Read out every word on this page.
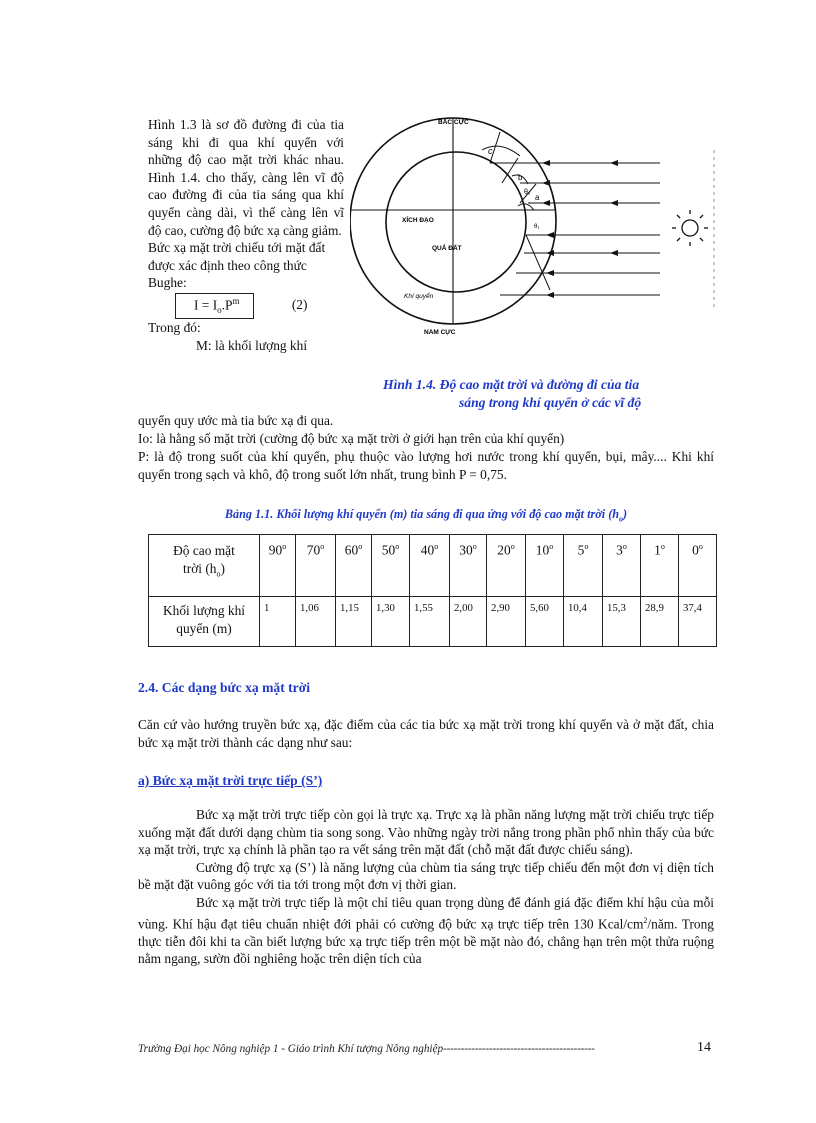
Hình 1.3 là sơ đồ đường đi của tia sáng khi đi qua khí quyển với những độ cao mặt trời khác nhau. Hình 1.4. cho thấy, càng lên vĩ độ cao đường đi của tia sáng qua khí quyển càng dài, vì thế càng lên vĩ độ cao, cường độ bức xạ càng giảm.
Bức xạ mặt trời chiếu tới mặt đất được xác định theo công thức Bughe:
$I = I_o.P^m$	(2)
Trong đó:
M: là khối lượng khí
BẮC CỰC
NAM CỰC
XÍCH ĐẠO
QUẢ ĐẤT
Khí quyển
c
b
a
θ₂
θ₁
Hình 1.4. Độ cao mặt trời và đường đi của tia
sáng trong khí quyển ở các vĩ độ
quyển quy ước mà tia bức xạ đi qua.
Io: là hằng số mặt trời (cường độ bức xạ mặt trời ở giới hạn trên của khí quyển)
P: là độ trong suốt của khí quyển, phụ thuộc vào lượng hơi nước trong khí quyển, bụi, mây.... Khi khí quyển trong sạch và khô, độ trong suốt lớn nhất, trung bình P = 0,75.
Bảng 1.1. Khối lượng khí quyển (m) tia sáng đi qua ứng với độ cao mặt trời $(h_o)$
Độ cao mặt
trời $(h_o)$	90$^o$	70$^o$	60$^o$	50$^o$	40$^o$	30$^o$	20$^o$	10$^o$	5$^o$	3$^o$	1$^o$	0$^o$
Khối lượng khí quyển (m)	1	1,06	1,15	1,30	1,55	2,00	2,90	5,60	10,4	15,3	28,9	37,4
2.4. Các dạng bức xạ mặt trời
Căn cứ vào hướng truyền bức xạ, đặc điểm của các tia bức xạ mặt trời trong khí quyển và ở mặt đất, chia bức xạ mặt trời thành các dạng như sau:
a) Bức xạ mặt trời trực tiếp (S’)

Bức xạ mặt trời trực tiếp còn gọi là trực xạ. Trực xạ là phần năng lượng mặt trời chiếu trực tiếp xuống mặt đất dưới dạng chùm tia song song. Vào những ngày trời nắng trong phần phổ nhìn thấy của bức xạ mặt trời, trực xạ chính là phần tạo ra vết sáng trên mặt đất (chỗ mặt đất được chiếu sáng).

Cường độ trực xạ (S’) là năng lượng của chùm tia sáng trực tiếp chiếu đến một đơn vị diện tích bề mặt đặt vuông góc với tia tới trong một đơn vị thời gian.

Bức xạ mặt trời trực tiếp là một chỉ tiêu quan trọng dùng để đánh giá đặc điểm khí hậu của mỗi vùng. Khí hậu đạt tiêu chuẩn nhiệt đới phải có cường độ bức xạ trực tiếp trên 130 Kcal/$cm^2$/năm. Trong thực tiễn đôi khi ta cần biết lượng bức xạ trực tiếp trên một bề mặt nào đó, chẳng hạn trên một thửa ruộng nằm ngang, sườn đồi nghiêng hoặc trên diện tích của

Trường Đại học Nông nghiệp 1 - Giáo trình Khí tượng Nông nghiệp-------------------------------------------	14
